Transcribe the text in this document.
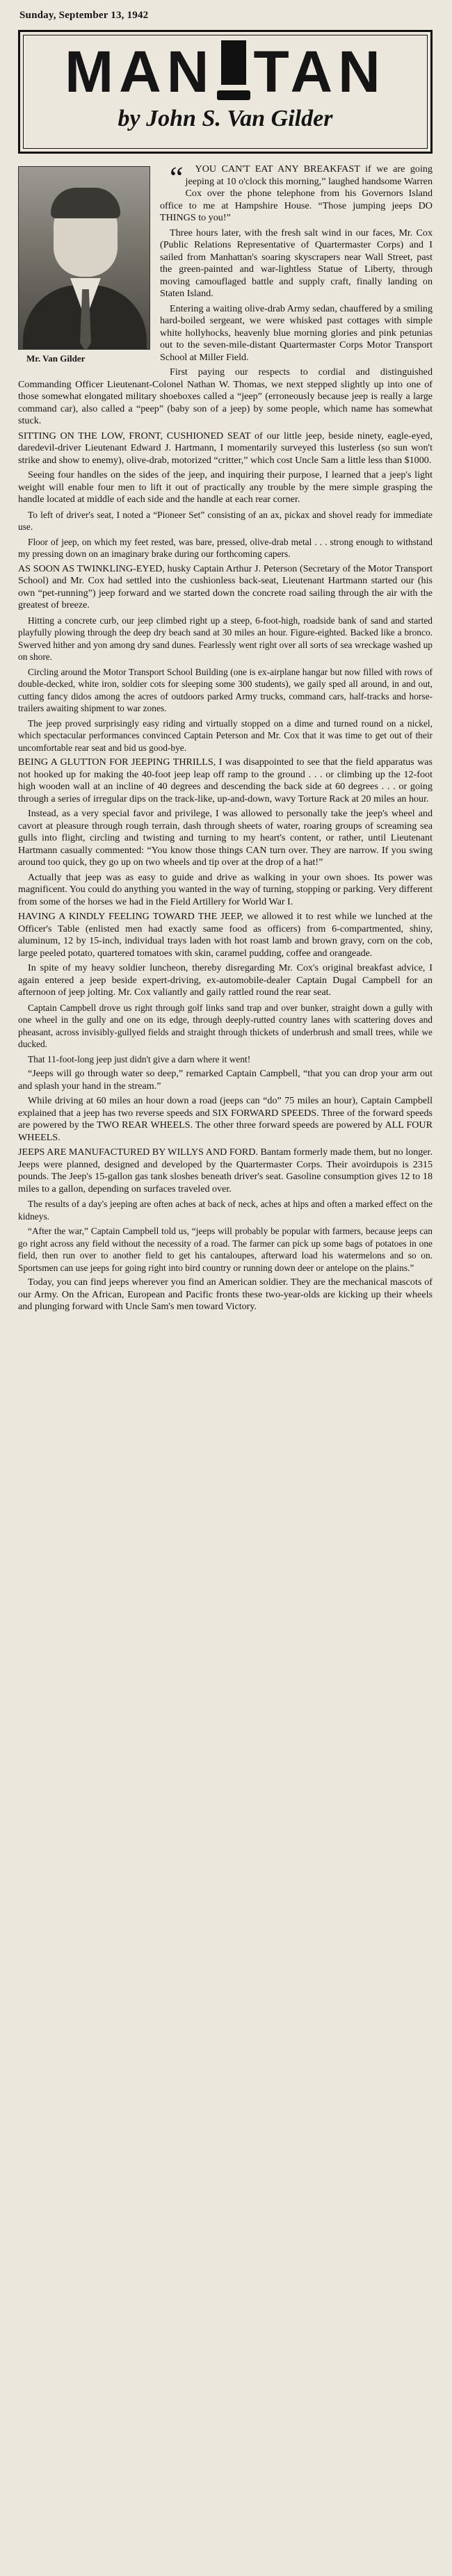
Sunday, September 13, 1942
MAN TAN
by John S. Van Gilder
Mr. Van Gilder

“ YOU CAN'T EAT ANY BREAKFAST if we are going jeeping at 10 o'clock this morning,” laughed handsome Warren Cox over the phone telephone from his Governors Island office to me at Hampshire House. “Those jumping jeeps DO THINGS to you!”

Three hours later, with the fresh salt wind in our faces, Mr. Cox (Public Relations Representative of Quartermaster Corps) and I sailed from Manhattan's soaring skyscrapers near Wall Street, past the green-painted and war-lightless Statue of Liberty, through moving camouflaged battle and supply craft, finally landing on Staten Island.

Entering a waiting olive-drab Army sedan, chauffered by a smiling hard-boiled sergeant, we were whisked past cottages with simple white hollyhocks, heavenly blue morning glories and pink petunias out to the seven-mile-distant Quartermaster Corps Motor Transport School at Miller Field.

First paying our respects to cordial and distinguished Commanding Officer Lieutenant-Colonel Nathan W. Thomas, we next stepped slightly up into one of those somewhat elongated military shoeboxes called a “jeep” (erroneously because jeep is really a large command car), also called a “peep” (baby son of a jeep) by some people, which name has somewhat stuck.

SITTING ON THE LOW, FRONT, CUSHIONED SEAT of our little jeep, beside ninety, eagle-eyed, daredevil-driver Lieutenant Edward J. Hartmann, I momentarily surveyed this lusterless (so sun won't strike and show to enemy), olive-drab, motorized “critter,” which cost Uncle Sam a little less than $1000.

Seeing four handles on the sides of the jeep, and inquiring their purpose, I learned that a jeep's light weight will enable four men to lift it out of practically any trouble by the mere simple grasping the handle located at middle of each side and the handle at each rear corner.

To left of driver's seat, I noted a “Pioneer Set” consisting of an ax, pickax and shovel ready for immediate use.

Floor of jeep, on which my feet rested, was bare, pressed, olive-drab metal . . . strong enough to withstand my pressing down on an imaginary brake during our forthcoming capers.

AS SOON AS TWINKLING-EYED, husky Captain Arthur J. Peterson (Secretary of the Motor Transport School) and Mr. Cox had settled into the cushionless back-seat, Lieutenant Hartmann started our (his own “pet-running”) jeep forward and we started down the concrete road sailing through the air with the greatest of breeze.

Hitting a concrete curb, our jeep climbed right up a steep, 6-foot-high, roadside bank of sand and started playfully plowing through the deep dry beach sand at 30 miles an hour. Figure-eighted. Backed like a bronco. Swerved hither and yon among dry sand dunes. Fearlessly went right over all sorts of sea wreckage washed up on shore.

Circling around the Motor Transport School Building (one is ex-airplane hangar but now filled with rows of double-decked, white iron, soldier cots for sleeping some 300 students), we gaily sped all around, in and out, cutting fancy didos among the acres of outdoors parked Army trucks, command cars, half-tracks and horse-trailers awaiting shipment to war zones.

The jeep proved surprisingly easy riding and virtually stopped on a dime and turned round on a nickel, which spectacular performances convinced Captain Peterson and Mr. Cox that it was time to get out of their uncomfortable rear seat and bid us good-bye.

BEING A GLUTTON FOR JEEPING THRILLS, I was disappointed to see that the field apparatus was not hooked up for making the 40-foot jeep leap off ramp to the ground . . . or climbing up the 12-foot high wooden wall at an incline of 40 degrees and descending the back side at 60 degrees . . . or going through a series of irregular dips on the track-like, up-and-down, wavy Torture Rack at 20 miles an hour.

Instead, as a very special favor and privilege, I was allowed to personally take the jeep's wheel and cavort at pleasure through rough terrain, dash through sheets of water, roaring groups of screaming sea gulls into flight, circling and twisting and turning to my heart's content, or rather, until Lieutenant Hartmann casually commented: “You know those things CAN turn over. They are narrow. If you swing around too quick, they go up on two wheels and tip over at the drop of a hat!”

Actually that jeep was as easy to guide and drive as walking in your own shoes. Its power was magnificent. You could do anything you wanted in the way of turning, stopping or parking. Very different from some of the horses we had in the Field Artillery for World War I.

HAVING A KINDLY FEELING TOWARD THE JEEP, we allowed it to rest while we lunched at the Officer's Table (enlisted men had exactly same food as officers) from 6-compartmented, shiny, aluminum, 12 by 15-inch, individual trays laden with hot roast lamb and brown gravy, corn on the cob, large peeled potato, quartered tomatoes with skin, caramel pudding, coffee and orangeade.

In spite of my heavy soldier luncheon, thereby disregarding Mr. Cox's original breakfast advice, I again entered a jeep beside expert-driving, ex-automobile-dealer Captain Dugal Campbell for an afternoon of jeep jolting. Mr. Cox valiantly and gaily rattled round the rear seat.

Captain Campbell drove us right through golf links sand trap and over bunker, straight down a gully with one wheel in the gully and one on its edge, through deeply-rutted country lanes with scattering doves and pheasant, across invisibly-gullyed fields and straight through thickets of underbrush and small trees, while we ducked.

That 11-foot-long jeep just didn't give a darn where it went!

“Jeeps will go through water so deep,” remarked Captain Campbell, “that you can drop your arm out and splash your hand in the stream.”

While driving at 60 miles an hour down a road (jeeps can “do” 75 miles an hour), Captain Campbell explained that a jeep has two reverse speeds and SIX FORWARD SPEEDS. Three of the forward speeds are powered by the TWO REAR WHEELS. The other three forward speeds are powered by ALL FOUR WHEELS.

JEEPS ARE MANUFACTURED BY WILLYS AND FORD. Bantam formerly made them, but no longer. Jeeps were planned, designed and developed by the Quartermaster Corps. Their avoirdupois is 2315 pounds. The Jeep's 15-gallon gas tank sloshes beneath driver's seat. Gasoline consumption gives 12 to 18 miles to a gallon, depending on surfaces traveled over.

The results of a day's jeeping are often aches at back of neck, aches at hips and often a marked effect on the kidneys.

“After the war,” Captain Campbell told us, “jeeps will probably be popular with farmers, because jeeps can go right across any field without the necessity of a road. The farmer can pick up some bags of potatoes in one field, then run over to another field to get his cantaloupes, afterward load his watermelons and so on. Sportsmen can use jeeps for going right into bird country or running down deer or antelope on the plains.”

Today, you can find jeeps wherever you find an American soldier. They are the mechanical mascots of our Army. On the African, European and Pacific fronts these two-year-olds are kicking up their wheels and plunging forward with Uncle Sam's men toward Victory.
